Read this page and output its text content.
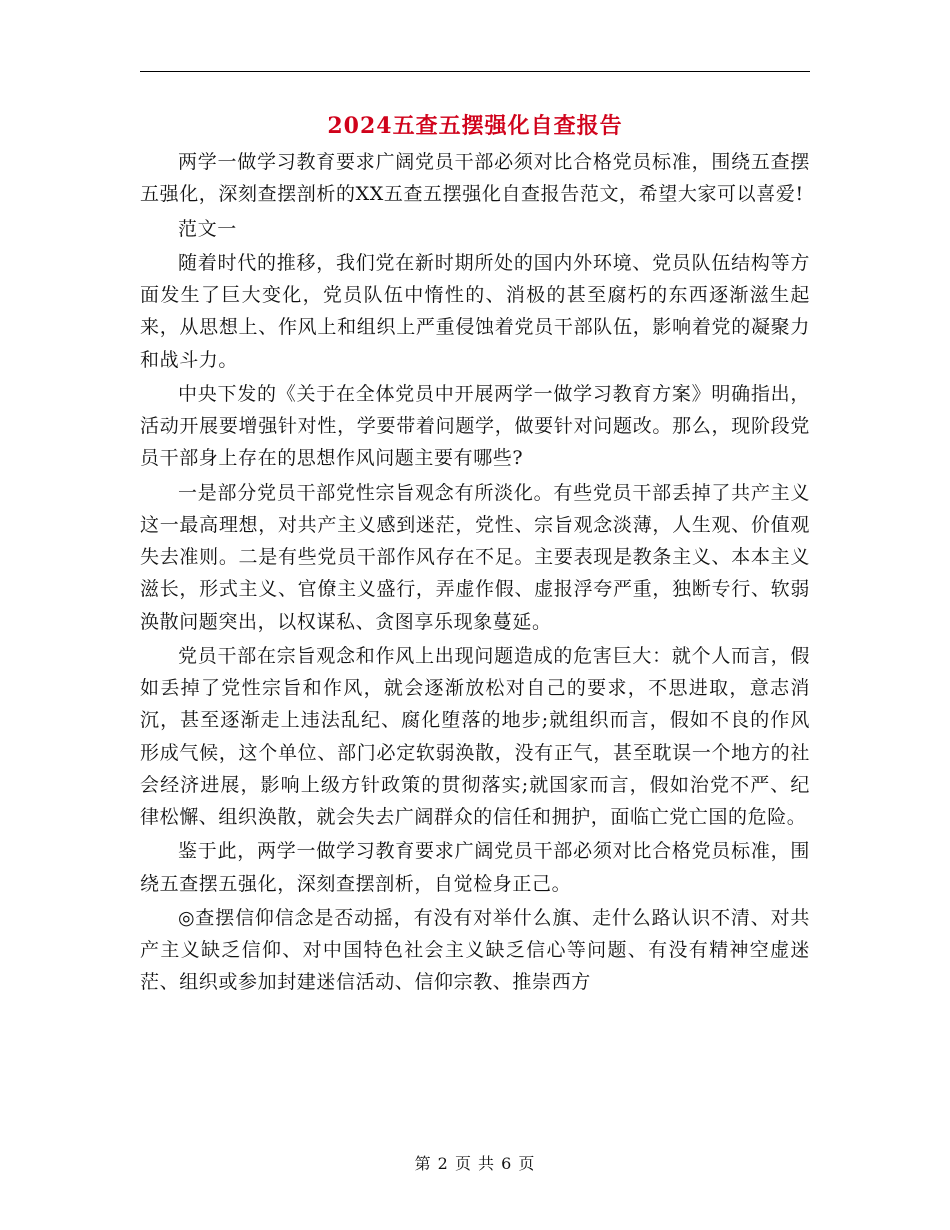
2024五查五摆强化自查报告

两学一做学习教育要求广阔党员干部必须对比合格党员标准，围绕五查摆五强化，深刻查摆剖析的XX五查五摆强化自查报告范文，希望大家可以喜爱!

范文一

随着时代的推移，我们党在新时期所处的国内外环境、党员队伍结构等方面发生了巨大变化，党员队伍中惰性的、消极的甚至腐朽的东西逐渐滋生起来，从思想上、作风上和组织上严重侵蚀着党员干部队伍，影响着党的凝聚力和战斗力。

中央下发的《关于在全体党员中开展两学一做学习教育方案》明确指出，活动开展要增强针对性，学要带着问题学，做要针对问题改。那么，现阶段党员干部身上存在的思想作风问题主要有哪些?

一是部分党员干部党性宗旨观念有所淡化。有些党员干部丢掉了共产主义这一最高理想，对共产主义感到迷茫，党性、宗旨观念淡薄，人生观、价值观失去准则。二是有些党员干部作风存在不足。主要表现是教条主义、本本主义滋长，形式主义、官僚主义盛行，弄虚作假、虚报浮夸严重，独断专行、软弱涣散问题突出，以权谋私、贪图享乐现象蔓延。

党员干部在宗旨观念和作风上出现问题造成的危害巨大：就个人而言，假如丢掉了党性宗旨和作风，就会逐渐放松对自己的要求，不思进取，意志消沉，甚至逐渐走上违法乱纪、腐化堕落的地步;就组织而言，假如不良的作风形成气候，这个单位、部门必定软弱涣散，没有正气，甚至耽误一个地方的社会经济进展，影响上级方针政策的贯彻落实;就国家而言，假如治党不严、纪律松懈、组织涣散，就会失去广阔群众的信任和拥护，面临亡党亡国的危险。

鉴于此，两学一做学习教育要求广阔党员干部必须对比合格党员标准，围绕五查摆五强化，深刻查摆剖析，自觉检身正己。

◎查摆信仰信念是否动摇，有没有对举什么旗、走什么路认识不清、对共产主义缺乏信仰、对中国特色社会主义缺乏信心等问题、有没有精神空虚迷茫、组织或参加封建迷信活动、信仰宗教、推崇西方

第 2 页 共 6 页
